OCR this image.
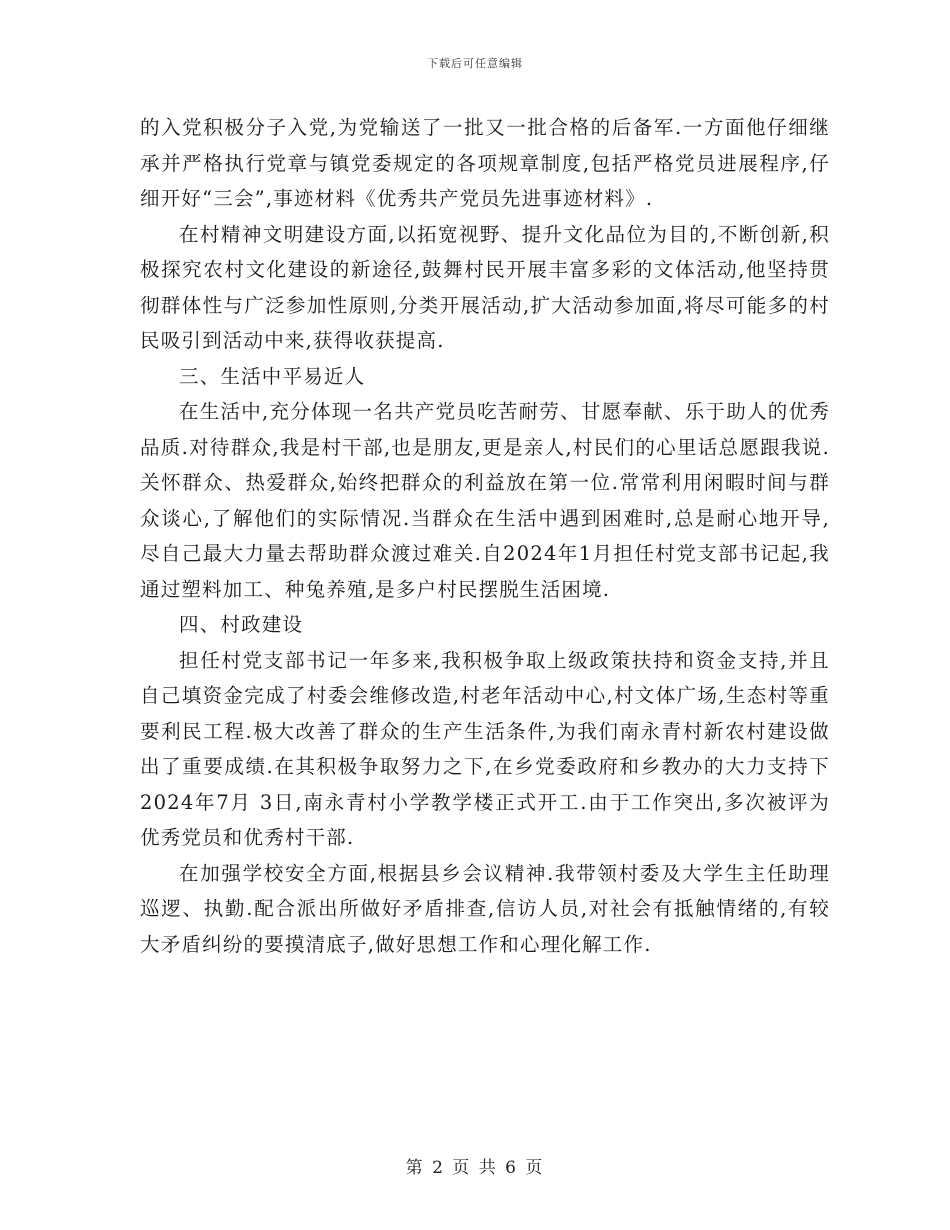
下载后可任意编辑

的入党积极分子入党,为党输送了一批又一批合格的后备军.一方面他仔细继承并严格执行党章与镇党委规定的各项规章制度,包括严格党员进展程序,仔细开好“三会”,事迹材料《优秀共产党员先进事迹材料》.

在村精神文明建设方面,以拓宽视野、提升文化品位为目的,不断创新,积极探究农村文化建设的新途径,鼓舞村民开展丰富多彩的文体活动,他坚持贯彻群体性与广泛参加性原则,分类开展活动,扩大活动参加面,将尽可能多的村民吸引到活动中来,获得收获提高.

三、生活中平易近人

在生活中,充分体现一名共产党员吃苦耐劳、甘愿奉献、乐于助人的优秀品质.对待群众,我是村干部,也是朋友,更是亲人,村民们的心里话总愿跟我说.关怀群众、热爱群众,始终把群众的利益放在第一位.常常利用闲暇时间与群众谈心,了解他们的实际情况.当群众在生活中遇到困难时,总是耐心地开导,尽自己最大力量去帮助群众渡过难关.自2024年1月担任村党支部书记起,我通过塑料加工、种兔养殖,是多户村民摆脱生活困境.

四、村政建设

担任村党支部书记一年多来,我积极争取上级政策扶持和资金支持,并且自己填资金完成了村委会维修改造,村老年活动中心,村文体广场,生态村等重要利民工程.极大改善了群众的生产生活条件,为我们南永青村新农村建设做出了重要成绩.在其积极争取努力之下,在乡党委政府和乡教办的大力支持下2024年7月 3日,南永青村小学教学楼正式开工.由于工作突出,多次被评为优秀党员和优秀村干部.

在加强学校安全方面,根据县乡会议精神.我带领村委及大学生主任助理巡逻、执勤.配合派出所做好矛盾排查,信访人员,对社会有抵触情绪的,有较大矛盾纠纷的要摸清底子,做好思想工作和心理化解工作.

第 2 页 共 6 页
